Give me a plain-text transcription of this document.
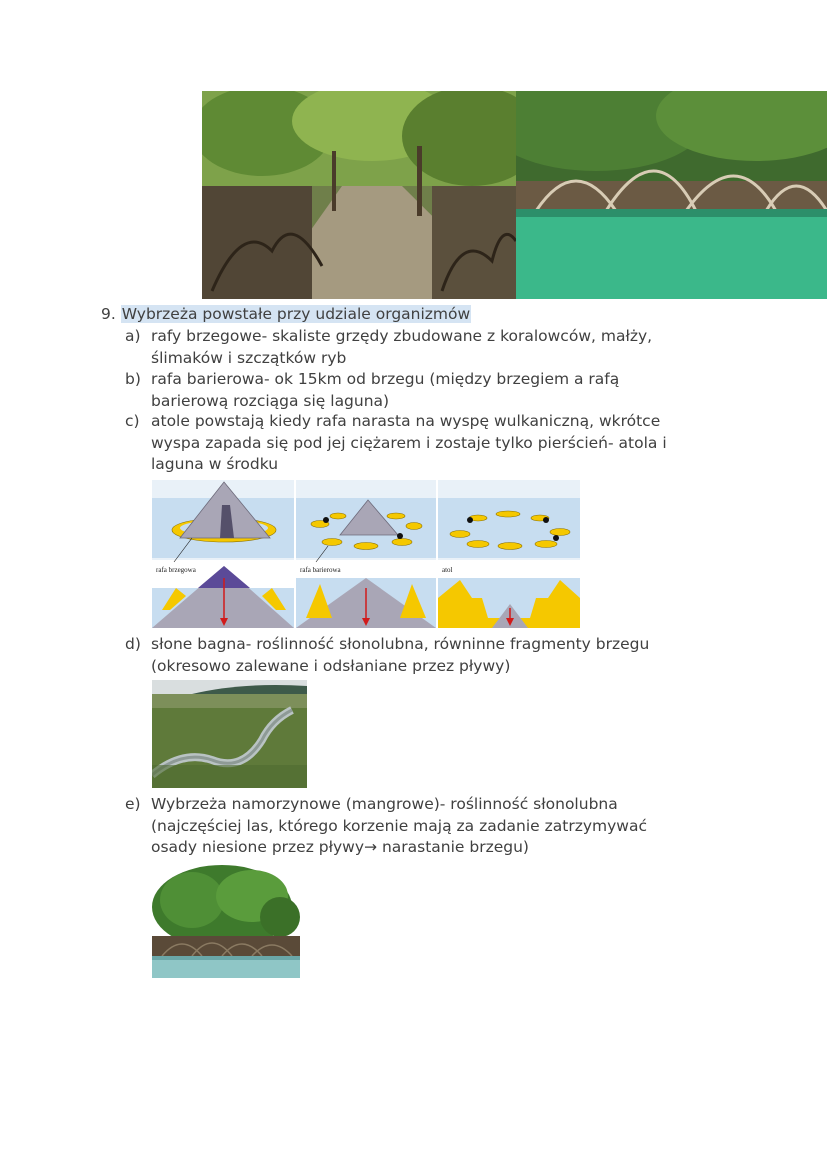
9. Wybrzeża powstałe przy udziale organizmów
a) rafy brzegowe- skaliste grzędy zbudowane z koralowców, małży,
ślimaków i szczątków ryb
b) rafa barierowa- ok 15km od brzegu (między brzegiem a rafą
barierową rozciąga się laguna)
c) atole powstają kiedy rafa narasta na wyspę wulkaniczną, wkrótce
wyspa zapada się pod jej ciężarem i zostaje tylko pierścień- atola i
laguna w środku
rafa brzegowa	rafa barierowa	atol
d) słone bagna- roślinność słonolubna, równinne fragmenty brzegu
(okresowo zalewane i odsłaniane przez pływy)
e) Wybrzeża namorzynowe (mangrowe)- roślinność słonolubna
(najczęściej las, którego korzenie mają za zadanie zatrzymywać
osady niesione przez pływy→ narastanie brzegu)
